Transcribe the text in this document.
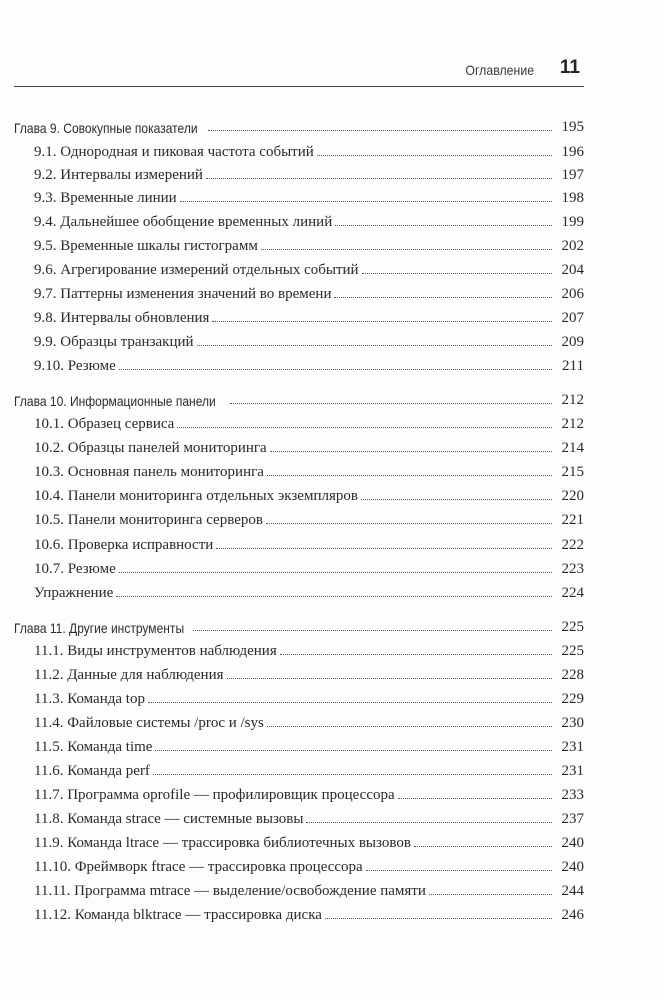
Оглавление 11
Глава 9. Совокупные показатели	195
9.1. Однородная и пиковая частота событий	196
9.2. Интервалы измерений	197
9.3. Временные линии	198
9.4. Дальнейшее обобщение временных линий	199
9.5. Временные шкалы гистограмм	202
9.6. Агрегирование измерений отдельных событий	204
9.7. Паттерны изменения значений во времени	206
9.8. Интервалы обновления	207
9.9. Образцы транзакций	209
9.10. Резюме	211
Глава 10. Информационные панели	212
10.1. Образец сервиса	212
10.2. Образцы панелей мониторинга	214
10.3. Основная панель мониторинга	215
10.4. Панели мониторинга отдельных экземпляров	220
10.5. Панели мониторинга серверов	221
10.6. Проверка исправности	222
10.7. Резюме	223
Упражнение	224
Глава 11. Другие инструменты	225
11.1. Виды инструментов наблюдения	225
11.2. Данные для наблюдения	228
11.3. Команда top	229
11.4. Файловые системы /proc и /sys	230
11.5. Команда time	231
11.6. Команда perf	231
11.7. Программа oprofile — профилировщик процессора	233
11.8. Команда strace — системные вызовы	237
11.9. Команда ltrace — трассировка библиотечных вызовов	240
11.10. Фреймворк ftrace — трассировка процессора	240
11.11. Программа mtrace — выделение/освобождение памяти	244
11.12. Команда blktrace — трассировка диска	246
